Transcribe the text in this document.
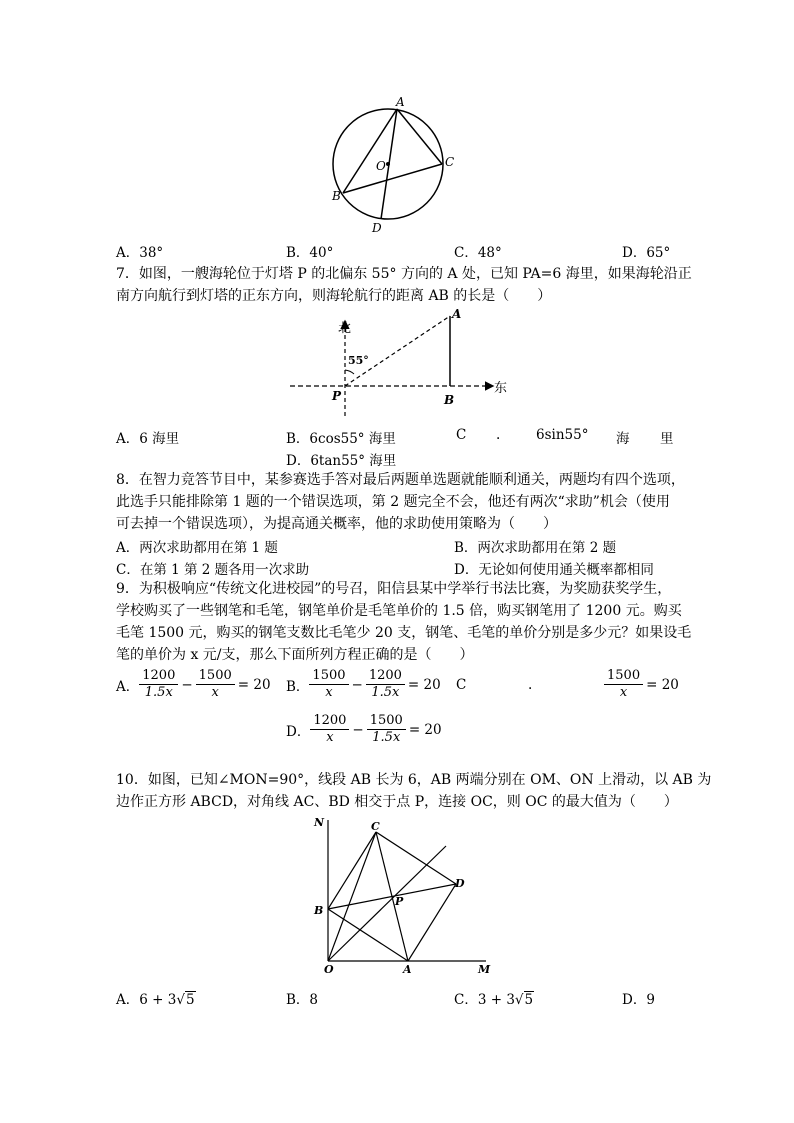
A
O	C
B
D
A．38°	B．40°	C．48°	D．65°
7．如图，一艘海轮位于灯塔 P 的北偏东 55° 方向的 A 处，已知 PA=6 海里，如果海轮沿正
南方向航行到灯塔的正东方向，则海轮航行的距离 AB 的长是（　　）
北
55°
P
A
B
东
A．6 海里	B．6cos55° 海里	C .	6sin55° 海 里
D．6tan55° 海里
8．在智力竞答节目中，某参赛选手答对最后两题单选题就能顺利通关，两题均有四个选项，
此选手只能排除第 1 题的一个错误选项，第 2 题完全不会，他还有两次“求助”机会（使用
可去掉一个错误选项），为提高通关概率，他的求助使用策略为（　　）
A．两次求助都用在第 1 题	B．两次求助都用在第 2 题
C．在第 1 第 2 题各用一次求助	D．无论如何使用通关概率都相同
9．为积极响应“传统文化进校园”的号召，阳信县某中学举行书法比赛，为奖励获奖学生，
学校购买了一些钢笔和毛笔，钢笔单价是毛笔单价的 1.5 倍，购买钢笔用了 1200 元。购买
毛笔 1500 元，购买的钢笔支数比毛笔少 20 支，钢笔、毛笔的单价分别是多少元？如果设毛
笔的单价为 x 元/支，那么下面所列方程正确的是（　　）
A． $\frac{1200}{1.5x} - \frac{1500}{x} = 20$ B． $\frac{1500}{x} - \frac{1200}{1.5x} = 20$ C	.	$\frac{1500}{x} = 20$
D． $\frac{1200}{x} - \frac{1500}{1.5x} = 20$
10．如图，已知∠MON=90°，线段 AB 长为 6，AB 两端分别在 OM、ON 上滑动，以 AB 为
边作正方形 ABCD，对角线 AC、BD 相交于点 P，连接 OC，则 OC 的最大值为（　　）
N	C
D
B
P
O	A	M
A．6 + 3√5	B．8	C．3 + 3√5	D．9
